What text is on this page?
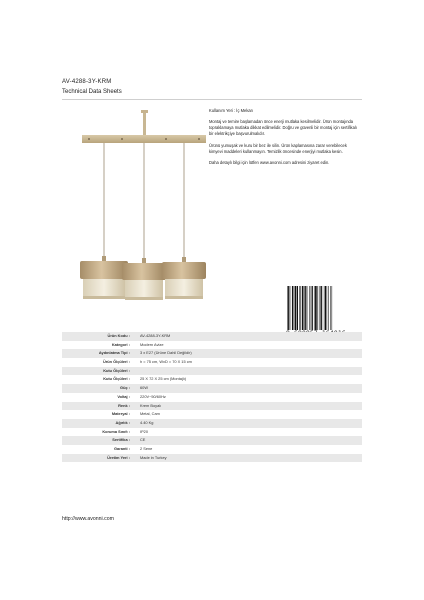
AV-4288-3Y-KRM
Technical Data Sheets

Kullanım Yeri : İç Mekan

Montaj ve temire başlamadan önce enerji mutlaka kesilmelidir. Ürün montajında topraklamaya mutlaka dikkat edilmelidir. Doğru ve güvenli bir montaj için sertifikalı bir elektrikçiye başvurulmalıdır.

Ürünü yumuşak ve kuru bir bez ile silin. Ürün kaplamasına zarar verebilecek kimyevi maddeleri kullanmayın. Temizlik öncesinde enerjiyi mutlaka kesin.

Daha detaylı bilgi için lütfen www.avonni.com adresini ziyaret edin.

Ürün Kodu :	AV-4288-3Y-KRM
Kategori :	Modern Avize
Aydınlatma Tipi :	3 x E27 (Ürüne Dahil Değildir)
Ürün Ölçüleri :	h = 75 cm, WxD = 70 X 15 cm
Kutu Ölçüleri :
Kutu Ölçüleri :	25 X 72 X 25 cm (Montajlı)
Güç :	60W
Voltaj :	220V~50/60Hz
Renk :	Krem Boyalı
Materyal :	Metal, Cam
Ağırlık :	4.40 Kg
Koruma Sınıfı :	IP20
Sertifika :	CE
Garanti :	2 Sene
Üretim Yeri :	Made in Turkey
http://www.avonni.com
